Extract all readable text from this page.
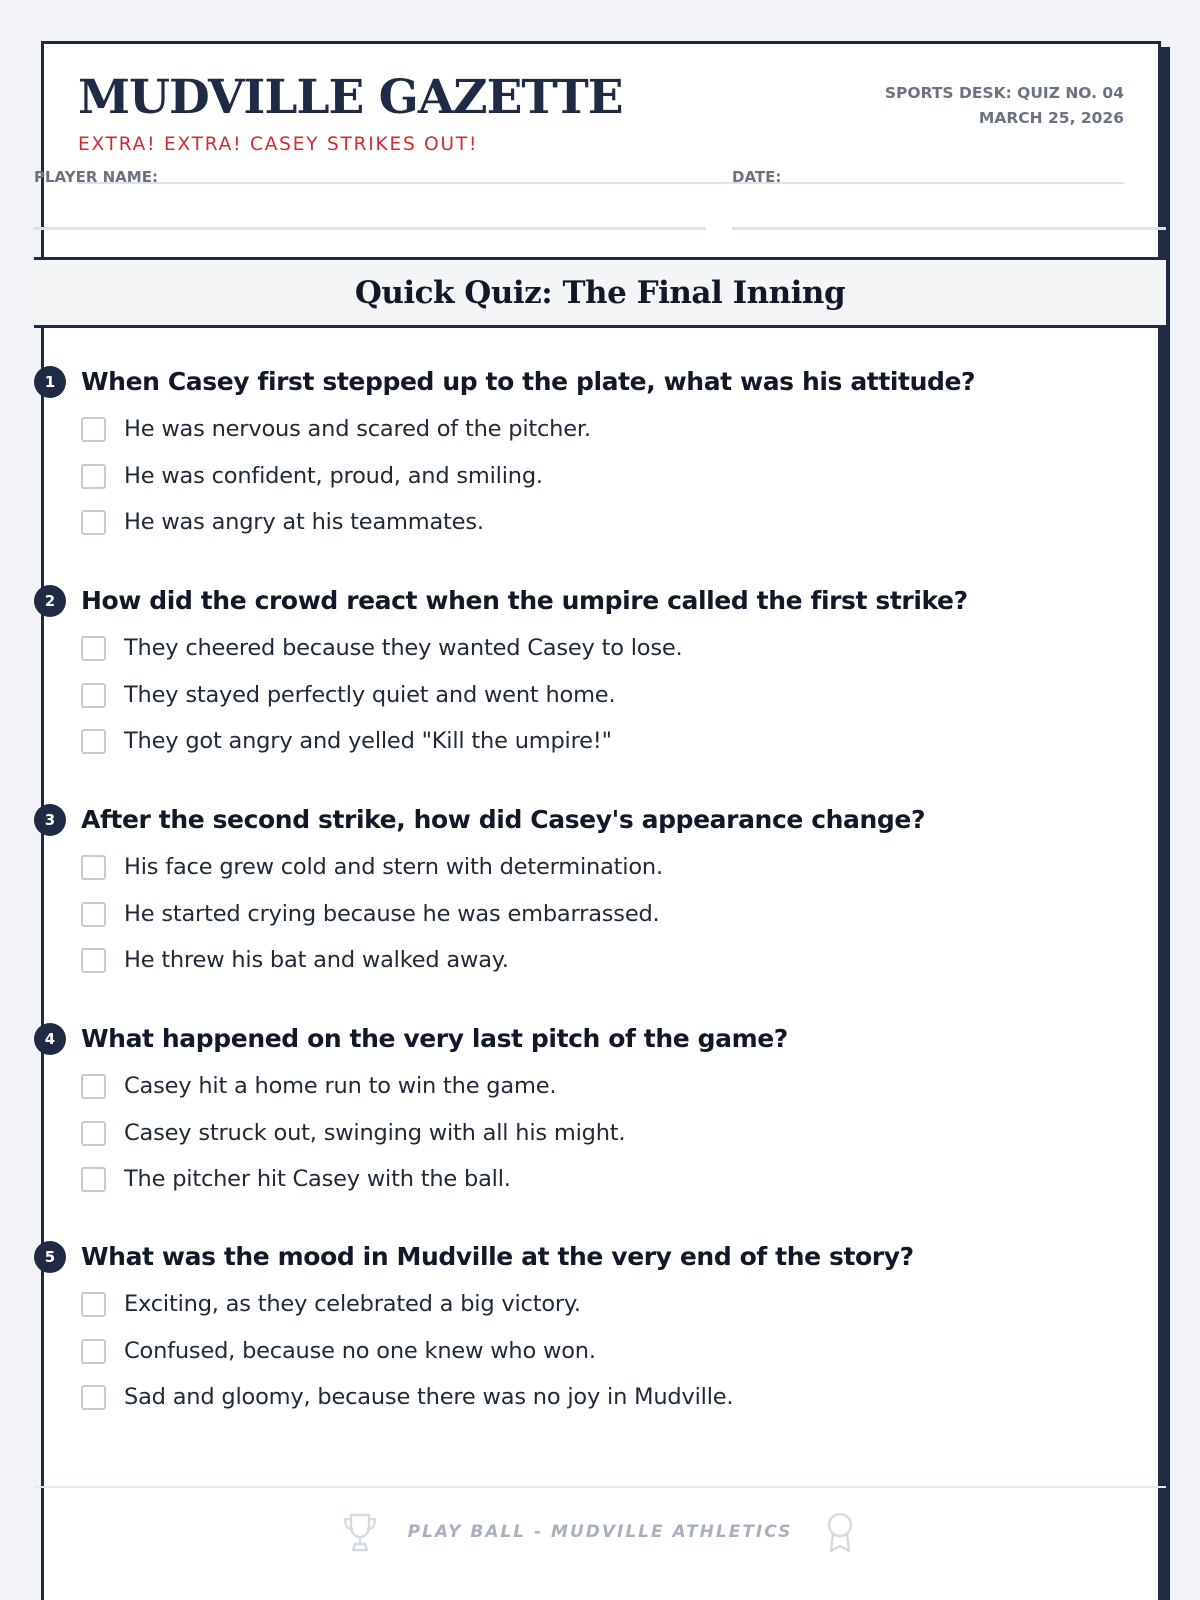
MUDVILLE GAZETTE
EXTRA! EXTRA! CASEY STRIKES OUT!
SPORTS DESK: QUIZ NO. 04
MARCH 25, 2026
PLAYER NAME:	DATE:
Quick Quiz: The Final Inning
1	When Casey first stepped up to the plate, what was his attitude?
He was nervous and scared of the pitcher.
He was confident, proud, and smiling.
He was angry at his teammates.
2	How did the crowd react when the umpire called the first strike?
They cheered because they wanted Casey to lose.
They stayed perfectly quiet and went home.
They got angry and yelled "Kill the umpire!"
3	After the second strike, how did Casey's appearance change?
His face grew cold and stern with determination.
He started crying because he was embarrassed.
He threw his bat and walked away.
4	What happened on the very last pitch of the game?
Casey hit a home run to win the game.
Casey struck out, swinging with all his might.
The pitcher hit Casey with the ball.
5	What was the mood in Mudville at the very end of the story?
Exciting, as they celebrated a big victory.
Confused, because no one knew who won.
Sad and gloomy, because there was no joy in Mudville.
PLAY BALL - MUDVILLE ATHLETICS
